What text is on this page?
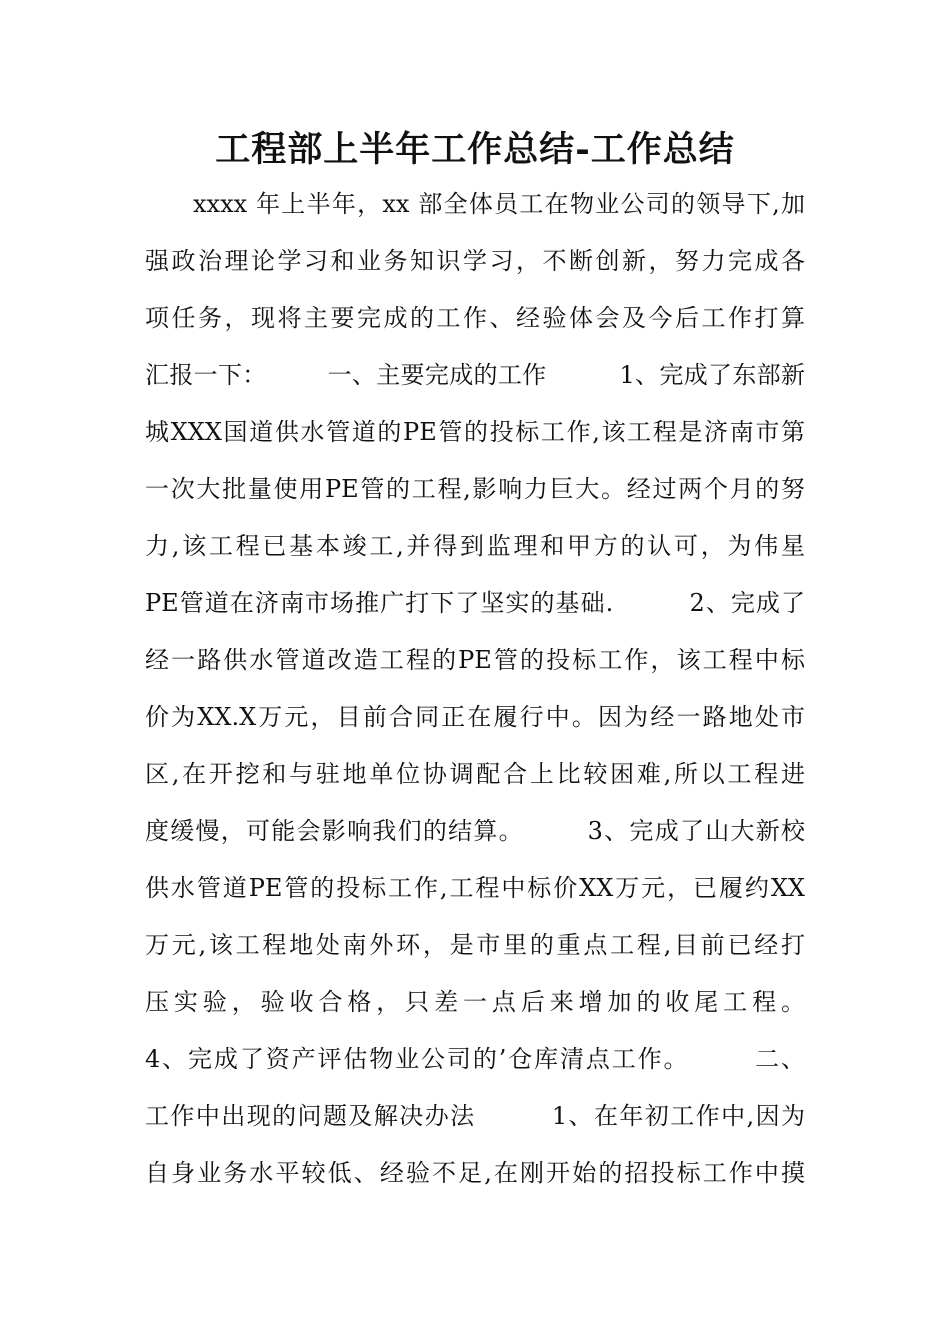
工程部上半年工作总结-工作总结
xxxx 年上半年，xx 部全体员工在物业公司的领导下,加
强政治理论学习和业务知识学习，不断创新，努力完成各
项任务，现将主要完成的工作、经验体会及今后工作打算
汇报一下：　　　一、主要完成的工作　　　1、完成了东部新
城XXX国道供水管道的PE管的投标工作,该工程是济南市第
一次大批量使用PE管的工程,影响力巨大。经过两个月的努
力,该工程已基本竣工,并得到监理和甲方的认可，为伟星
PE管道在济南市场推广打下了坚实的基础.　　　2、完成了
经一路供水管道改造工程的PE管的投标工作，该工程中标
价为XX.X万元，目前合同正在履行中。因为经一路地处市
区,在开挖和与驻地单位协调配合上比较困难,所以工程进
度缓慢，可能会影响我们的结算。　　　3、完成了山大新校
供水管道PE管的投标工作,工程中标价XX万元，已履约XX
万元,该工程地处南外环，是市里的重点工程,目前已经打
压实验，验收合格，只差一点后来增加的收尾工程。
4、完成了资产评估物业公司的’仓库清点工作。　　　二、
工作中出现的问题及解决办法　　　1、在年初工作中,因为
自身业务水平较低、经验不足,在刚开始的招投标工作中摸
